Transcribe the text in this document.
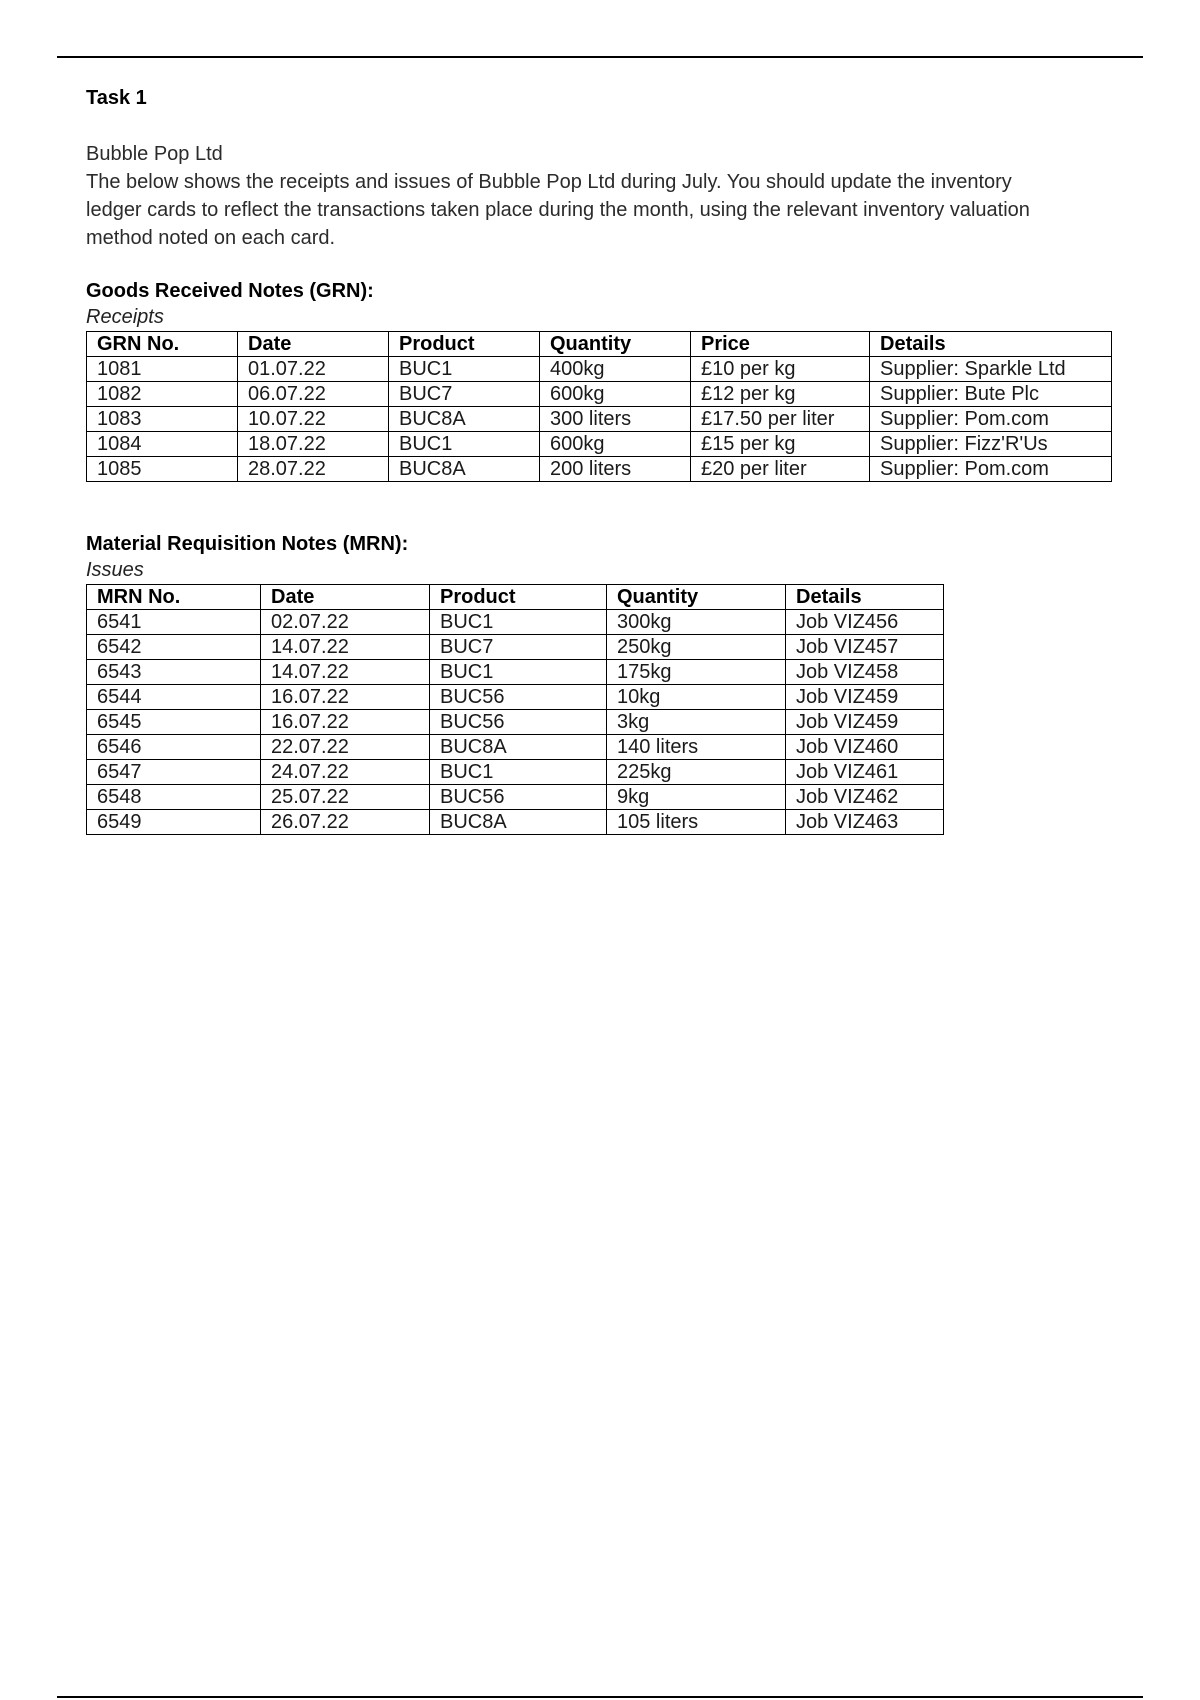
Task 1
Bubble Pop Ltd
The below shows the receipts and issues of Bubble Pop Ltd during July. You should update the inventory ledger cards to reflect the transactions taken place during the month, using the relevant inventory valuation method noted on each card.
Goods Received Notes (GRN):
Receipts
GRN No.	Date	Product	Quantity	Price	Details
1081	01.07.22	BUC1	400kg	£10 per kg	Supplier: Sparkle Ltd
1082	06.07.22	BUC7	600kg	£12 per kg	Supplier: Bute Plc
1083	10.07.22	BUC8A	300 liters	£17.50 per liter	Supplier: Pom.com
1084	18.07.22	BUC1	600kg	£15 per kg	Supplier: Fizz'R'Us
1085	28.07.22	BUC8A	200 liters	£20 per liter	Supplier: Pom.com
Material Requisition Notes (MRN):
Issues
MRN No.	Date	Product	Quantity	Details
6541	02.07.22	BUC1	300kg	Job VIZ456
6542	14.07.22	BUC7	250kg	Job VIZ457
6543	14.07.22	BUC1	175kg	Job VIZ458
6544	16.07.22	BUC56	10kg	Job VIZ459
6545	16.07.22	BUC56	3kg	Job VIZ459
6546	22.07.22	BUC8A	140 liters	Job VIZ460
6547	24.07.22	BUC1	225kg	Job VIZ461
6548	25.07.22	BUC56	9kg	Job VIZ462
6549	26.07.22	BUC8A	105 liters	Job VIZ463
